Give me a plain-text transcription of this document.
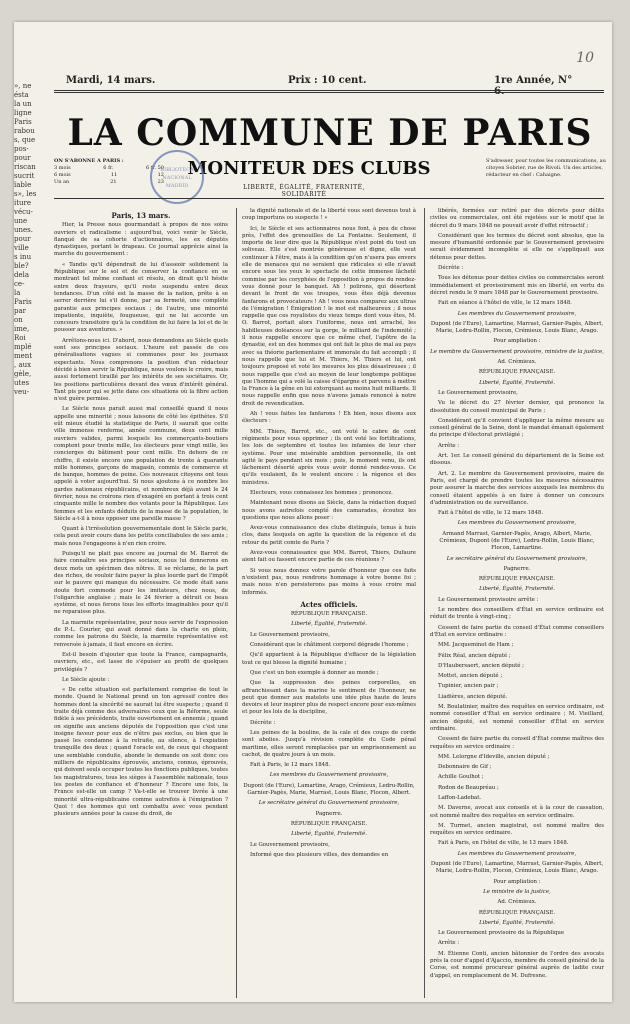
», ne
ésta
la un
ligne
Paris
rabou
s, que
pos-
pour
riscan
sucrit
ïable
s», les
iture
vécu-
une
unes.
pour
ville
s inu
ble?
dela
ce-
la
Paris
par
on
ime,
Roi
mplé
ment
, aux
gèle,
utes
veu-
10
Mardi, 14 mars.	Prix : 10 cent.	1re Année, N° 6.
LA COMMUNE DE PARIS
MONITEUR DES CLUBS
LIBERTÉ, ÉGALITÉ, FRATERNITÉ, SOLIDARITÉ
ON S'ABONNE A PARIS :
3 mois	6 fr.	6 fr. 50
6 mois	11	12
Un an	21	23
S'adresser, pour toutes les communications, au citoyen Sobrier, rue de Rivoli. Un des articles, rédacteur en chef : Cahaigne.
BIBLIOTECA NACIONAL MADRID

Paris, 13 mars.

Hier, la Presse nous gourmandait à propos de nos soins ouvriers et radicalisme : aujourd'hui, voici venir le Siècle, flanqué de sa cohorte d'actionnaires, les ex députés dynastiques, portant le drapeau. Ce journal apprécie ainsi la marche du gouvernement :

« Tandis qu'il dépendrait de lui d'asseoir solidement la République sur le sol et de conserver la confiance en se montrant tel même confiant et résolu, on dirait qu'il hésite entre deux frayeurs, qu'il reste suspendu entre deux tendances. D'un côté est la masse de la nation, prête à se serrer derrière lui s'il donne, par sa fermeté, une complète garantie aux principes sociaux ; de l'autre, une minorité impatiente, inquiète, fougueuse, qui ne lui accorde un concours transitoire qu'à la condition de lui faire la loi et de le pousser aux aventures. »

Arrêtons-nous ici. D'abord, nous demandons au Siècle quels sont ses principes sociaux. L'heure est passée de ces généralisations vagues si communes pour les journaux expectants. Nous comprenons la position d'un rédacteur décidé à bien servir la République, nous voulons le croire, mais aussi fortement tiraillé par les intérêts de ses sociétaires. Or, les positions particulières devant des vœux d'intérêt général. Tant pis pour qui se jette dans ces situations où la fibre action n'est guère permise.

Le Siècle nous parait aussi mal conseillé quand il nous appelle une minorité ; nous laissons de côté les épithètes. S'il eût mieux étudié la statistique de Paris, il saurait que cette ville immense renferme, année commune, deux cent mille ouvriers valides, parmi lesquels les commerçants-boutiers comptent pour trente mille, les électeurs pour vingt mille, les concierges du bâtiment pour cent mille. En dehors de ce chiffre, il existe encore une population de trente à quarante mille hommes, garçons de magasin, commis de commerce et de banque, hommes de peine. Ces nouveaux citoyens ont tous appelé à voter aujourd'hui. Si nous ajoutons à ce nombre les gardes nationaux républicains, et nombreux déjà avant le 24 février, nous ne croirons rien d'exagéré en portant à trois cent cinquante mille le nombre des votants pour la République. Les femmes et les enfants déduits de la masse de la population, le Siècle a-t-il à nous opposer une pareille masse ?

Quant à l'irrésolution gouvernementale dont le Siècle parle, cela peut avoir cours dans les petits conciliabules de ses amis ; mais nous l'engageons à n'en rien croire.

Puisqu'il ne plait pas encore au journal de M. Barrot de faire connaître ses principes sociaux, nous lui donnerons en deux mots un spécimen des nôtres. Il se réclame, de la part des riches, de vouloir faire payer la plus lourde part de l'impôt sur le pauvre qui manque du nécessaire. Ce mode était sans doute fort commode pour les imitateurs, chez nous, de l'oligarchie anglaise ; mais le 24 février a détruit ce beau système, et nous ferons tous les efforts imaginables pour qu'il ne reparaisse plus.

La marmite représentative, pour nous servir de l'expression de P.-L. Courier, qui avait donné dans la charte en plein, comme les patrons du Siècle, la marmite représentative est renversée à jamais, il faut encore en écrire.

Est-il besoin d'ajouter que toute la France, campagnards, ouvriers, etc., est lasse de s'épuiser au profit de quelques privilégiés ?

Le Siècle ajoute :

« De cette situation est parfaitement comprise de tout le monde. Quand le National prend un ton agressif contre des hommes dont la sincérité ne saurait lui être suspecte ; quand il traite déjà comme des adversaires ceux que la Réforme, seule fidèle à ses précédents, traite ouvertement en ennemis ; quand on signifie aux anciens députés de l'opposition que c'est une insigne faveur pour eux de n'être pas exclus, ou bien que le passé les condamne à la retraite, au silence, à l'expiation tranquille des deux ; quand l'oracle est, de ceux qui choquent une semblable conduite, abonde le demande on soit donc ces milliers de républicains éprouvés, anciens, connus, éprouvés, qui doivent seuls occuper toutes les fonctions publiques, toutes les magistratures, tous les sièges à l'assemblée nationale, tous les postes de confiance et d'honneur ? Encore une fois, la France est-elle un camp ? Va-t-elle se trouver livrée à une minorité ultra-républicaine comme autrefois à l'émigration ? Quoi ! des hommes qui ont combattu avec vous pendant plusieurs années pour la cause du droit, de

la dignité nationale et de la liberté vous sont devenus tout à coup importuns ou suspects ! »

Ici, le Siècle et ses actionnaires nous font, à peu de chose près, l'effet des grenouilles de La Fontaine. Seulement, il importe de leur dire que la République n'est point du tout un soliveau. Elle s'est montrée généreuse et digne, elle veut continuer à l'être, mais à la condition qu'on n'usera pas envers elle de menaces qui ne seraient que ridicules si elle n'avait encore sous les yeux le spectacle de cette immense lâcheté commise par les coryphées de l'opposition à propos du rendez-vous donné pour le banquet. Ah ! polirons, qui désertent devant le front de vos troupes, vous êtes déjà devenus fanfarons et provocateurs ! Ah ! vous nous comparez aux ultras de l'émigration ! Émigration ! le mot est malheureux ; il nous rappelle que ces royalistes du vieux temps dont vous êtes, M. O. Barrot, portait alors l'uniforme, nous ont arraché, les habilleuses doléances sur la gorge, le milliard de l'indemnité ; il nous rappelle encore que ce même chef, l'apôtre de la dynastie, est un des hommes qui ont fait le plus de mal au pays avec sa théorie parlementaire et immorale du fait accompli ; il nous rappelle que lui et M. Thiers, M. Thiers et lui, ont toujours proposé et voté les mesures les plus désastreuses ; il nous rappelle que c'est au moyen de leur longtemps politique que l'homme qui a volé la caisse d'épargne et parvenu à mettre la France à la gêne en lui extorquant au moins huit milliards. Il nous rappelle enfin que nous n'avons jamais renoncé à notre droit de revendication.

Ah ! vous faites les fanfarons ! Eh bien, nous disons aux électeurs :

MM. Thiers, Barrot, etc., ont voté le cabre de cent régiments pour vous opprimer ; ils ont voté les fortifications, les lois de septembre et toutes les infamies de leur cher système. Pour une misérable ambition personnelle, ils ont agité le pays pendant six mois ; puis, le moment venu, ils ont lâchement déserté après vous avoir donné rendez-vous. Ce qu'ils voulaient, ils le veulent encore : la régence et des ministres.

Electeurs, vous connaissez les hommes ; prononcez.

Maintenant nous disons au Siècle, dans la rédaction duquel nous avons autrefois compté des camarades, écoutez les questions que nous allons poser :

Avez-vous connaissance des clubs distingués, tenus à huis clos, dans lesquels on agite la question de la régence et du retour du petit comte de Paris ?

Avez-vous connaissance que MM. Barrot, Thiers, Dufaure aient fait ou fassent encore partie de ces réunions ?

Si vous nous donnez votre parole d'honneur que ces faits n'existent pas, nous rendrons hommage à votre bonne foi ; mais nous n'en persisterons pas moins à vous croire mal informés.

Actes officiels.

RÉPUBLIQUE FRANÇAISE.

Liberté, Égalité, Fraternité.

Le Gouvernement provisoire,

Considérant que le châtiment corporel dégrade l'homme ;

Qu'il appartient à la République d'effacer de la législation tout ce qui blesse la dignité humaine ;

Que c'est un bon exemple à donner au monde ;

Que la suppression des peines corporelles, en affranchissant dans la marine le sentiment de l'honneur, ne peut que donner aux matelots une idée plus haute de leurs devoirs et leur inspirer plus de respect encore pour eux-mêmes et pour les lois de la discipline,

Décrète :

Les peines de la bouline, de la cale et des coups de corde sont abolies. Jusqu'à révision complète du Code pénal maritime, elles seront remplacées par un emprisonnement au cachot, de quatre jours à un mois.

Fait à Paris, le 12 mars 1848.

Les membres du Gouvernement provisoire,

Dupont (de l'Eure), Lamartine, Arago, Crémieux, Ledru-Rollin, Garnier-Pagès, Marie, Marrast, Louis Blanc, Flocon, Albert.

Le secrétaire général du Gouvernement provisoire,

Pagnerre.

RÉPUBLIQUE FRANÇAISE.

Liberté, Égalité, Fraternité.

Le Gouvernement provisoire,

Informé que des plusieurs villes, des demandes en

libérés, formées sur retiré par des décrets pour délits civiles ou commerciales, ont été rejetées sur le motif que le décret du 9 mars 1848 ne pouvait avoir d'effet rétroactif ;

Considérant que les termes du décret sont absolus, que la mesure d'humanité ordonnée par le Gouvernement provisoire serait évidemment incomplète si elle ne s'appliquait aux détenus pour dettes.

Décrète :

Tous les détenus pour dettes civiles ou commerciales seront immédiatement et provisoirement mis en liberté, en vertu du décret rendu le 9 mars 1848 par le Gouvernement provisoire.

Fait en séance à l'hôtel de ville, le 12 mars 1848.

Les membres du Gouvernement provisoire,

Dupont (de l'Eure), Lamartine, Marrast, Garnier-Pagès, Albert, Marie, Ledru-Rollin, Flocon, Crémieux, Louis Blanc, Arago.

Pour ampliation :

Le membre du Gouvernement provisoire, ministre de la justice,

Ad. Crémieux.

RÉPUBLIQUE FRANÇAISE.

Liberté, Égalité, Fraternité.

Le Gouvernement provisoire,

Vu le décret du 27 février dernier, qui prononce la dissolution du conseil municipal de Paris ;

Considérant qu'il convient d'appliquer la même mesure au conseil général de la Seine, dont le mandat émanait également du principe d'électorat privilégié ;

Arrête :

Art. 1er. Le conseil général du département de la Seine est dissous.

Art. 2. Le membre du Gouvernement provisoire, maire de Paris, est chargé de prendre toutes les mesures nécessaires pour assurer la marche des services auxquels les membres du conseil étaient appelés à en faire à donner un concours d'administration ou de surveillance.

Fait à l'hôtel de ville, le 12 mars 1848.

Les membres du Gouvernement provisoire,

Armand Marrast, Garnier-Pagès, Arago, Albert, Marie, Crémieux, Dupont (de l'Eure), Ledru-Rollin, Louis Blanc, Flocon, Lamartine.

Le secrétaire général du Gouvernement provisoire,

Pagnerre.

RÉPUBLIQUE FRANÇAISE.

Liberté, Égalité, Fraternité.

Le Gouvernement provisoire arrête :

Le nombre des conseillers d'État en service ordinaire est réduit de trente à vingt-cinq ;

Cessent de faire partie du conseil d'État comme conseillers d'État en service ordinaire :

MM. Jacqueminot de Ham ;

Félix Réal, ancien député ;

D'Haubersaert, ancien député ;

Mottet, ancien député ;

Tupinier, ancien pair ;

Liadières, ancien député.

M. Boulatinier, maître des requêtes en service ordinaire, est nommé conseiller d'État en service ordinaire ; M. Vieillard, ancien député, est nommé conseiller d'État en service ordinaire.

Cessent de faire partie du conseil d'État comme maîtres des requêtes en service ordinaire :

MM. Lelorgne d'Ideville, ancien député ;

Debonnaire de Gif ;

Achille Goulhot ;

Rodon de Beaupréau ;

Laffon-Ladebat.

M. Daverne, avocat aux conseils et à la cour de cassation, est nommé maître des requêtes en service ordinaire.

M. Turmet, ancien magistrat, est nommé maître des requêtes en service ordinaire.

Fait à Paris, en l'hôtel de ville, le 13 mars 1848.

Les membres du Gouvernement provisoire,

Dupont (de l'Eure), Lamartine, Marrast, Garnier-Pagès, Albert, Marie, Ledru-Rollin, Flocon, Crémieux, Louis Blanc, Arago.

Pour ampliation :

Le ministre de la justice,

Ad. Crémieux.

RÉPUBLIQUE FRANÇAISE.

Liberté, Égalité, Fraternité.

Le Gouvernement provisoire de la République

Arrête :

M. Étienne Conti, ancien bâtonnier de l'ordre des avocats près la cour d'appel d'Ajaccio, membre du conseil général de la Corse, est nommé procureur général auprès de ladite cour d'appel, en remplacement de M. Dufresne.
